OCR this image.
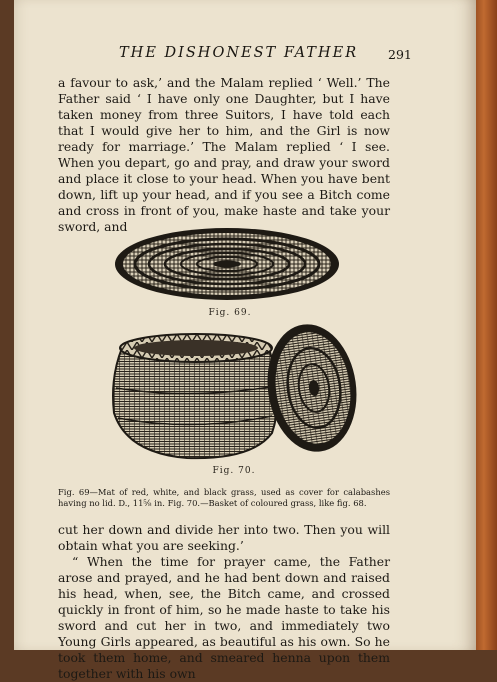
THE DISHONEST FATHER 291

a favour to ask,’ and the Malam replied ‘ Well.’ The Father said ‘ I have only one Daughter, but I have taken money from three Suitors, I have told each that I would give her to him, and the Girl is now ready for marriage.’ The Malam replied ‘ I see. When you depart, go and pray, and draw your sword and place it close to your head. When you have bent down, lift up your head, and if you see a Bitch come and cross in front of you, make haste and take your sword, and

Fig. 69.
Fig. 70.

Fig. 69—Mat of red, white, and black grass, used as cover for calabashes having no lid. D., 11⅝ in. Fig. 70.—Basket of coloured grass, like fig. 68.

cut her down and divide her into two. Then you will obtain what you are seeking.’

“ When the time for prayer came, the Father arose and prayed, and he had bent down and raised his head, when, see, the Bitch came, and crossed quickly in front of him, so he made haste to take his sword and cut her in two, and immediately two Young Girls appeared, as beautiful as his own. So he took them home, and smeared henna upon them together with his own
